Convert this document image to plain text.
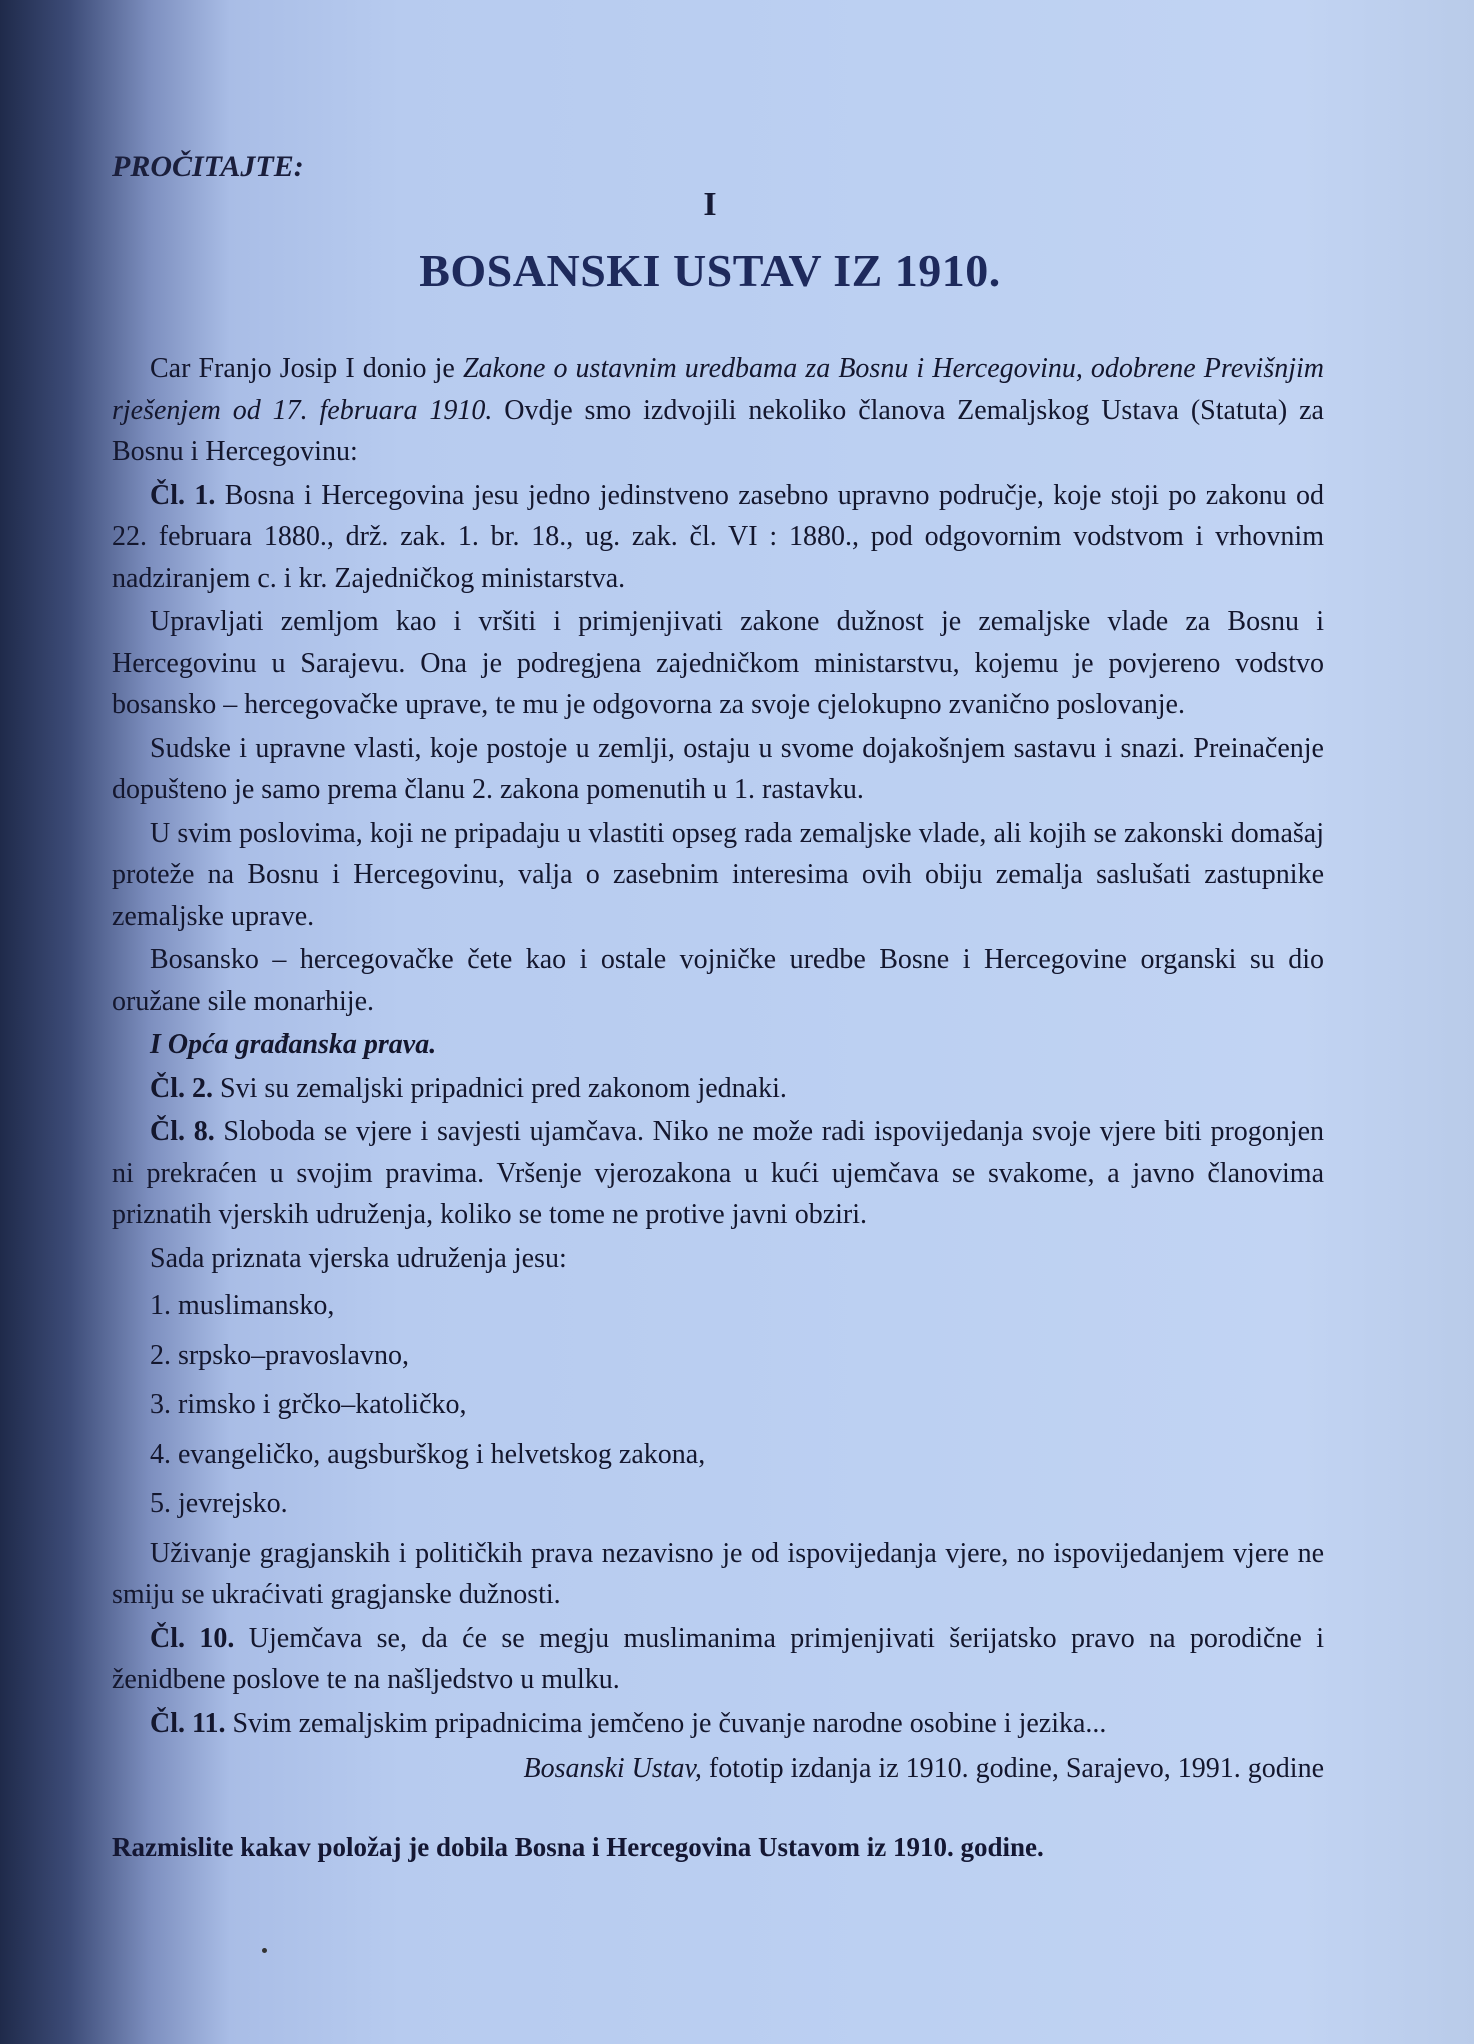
PROČITAJTE:
I
BOSANSKI USTAV IZ 1910.

Car Franjo Josip I donio je Zakone o ustavnim uredbama za Bosnu i Hercegovinu, odobrene Previšnjim rješenjem od 17. februara 1910. Ovdje smo izdvojili nekoliko članova Zemaljskog Ustava (Statuta) za Bosnu i Hercegovinu:

Čl. 1. Bosna i Hercegovina jesu jedno jedinstveno zasebno upravno područje, koje stoji po zakonu od 22. februara 1880., drž. zak. 1. br. 18., ug. zak. čl. VI : 1880., pod odgovornim vodstvom i vrhovnim nadziranjem c. i kr. Zajedničkog ministarstva.

Upravljati zemljom kao i vršiti i primjenjivati zakone dužnost je zemaljske vlade za Bosnu i Hercegovinu u Sarajevu. Ona je podregjena zajedničkom ministarstvu, kojemu je povjereno vodstvo bosansko – hercegovačke uprave, te mu je odgovorna za svoje cjelokupno zvanično poslovanje.

Sudske i upravne vlasti, koje postoje u zemlji, ostaju u svome dojakošnjem sastavu i snazi. Preinačenje dopušteno je samo prema članu 2. zakona pomenutih u 1. rastavku.

U svim poslovima, koji ne pripadaju u vlastiti opseg rada zemaljske vlade, ali kojih se zakonski domašaj proteže na Bosnu i Hercegovinu, valja o zasebnim interesima ovih obiju zemalja saslušati zastupnike zemaljske uprave.

Bosansko – hercegovačke čete kao i ostale vojničke uredbe Bosne i Hercegovine organski su dio oružane sile monarhije.

I Opća građanska prava.

Čl. 2. Svi su zemaljski pripadnici pred zakonom jednaki.

Čl. 8. Sloboda se vjere i savjesti ujamčava. Niko ne može radi ispovijedanja svoje vjere biti progonjen ni prekraćen u svojim pravima. Vršenje vjerozakona u kući ujemčava se svakome, a javno članovima priznatih vjerskih udruženja, koliko se tome ne protive javni obziri.

Sada priznata vjerska udruženja jesu:

1. muslimansko,
2. srpsko–pravoslavno,
3. rimsko i grčko–katoličko,
4. evangeličko, augsburškog i helvetskog zakona,
5. jevrejsko.

Uživanje gragjanskih i političkih prava nezavisno je od ispovijedanja vjere, no ispovijedanjem vjere ne smiju se ukraćivati gragjanske dužnosti.

Čl. 10. Ujemčava se, da će se megju muslimanima primjenjivati šerijatsko pravo na porodične i ženidbene poslove te na našljedstvo u mulku.

Čl. 11. Svim zemaljskim pripadnicima jemčeno je čuvanje narodne osobine i jezika...

Bosanski Ustav, fototip izdanja iz 1910. godine, Sarajevo, 1991. godine
Razmislite kakav položaj je dobila Bosna i Hercegovina Ustavom iz 1910. godine.
